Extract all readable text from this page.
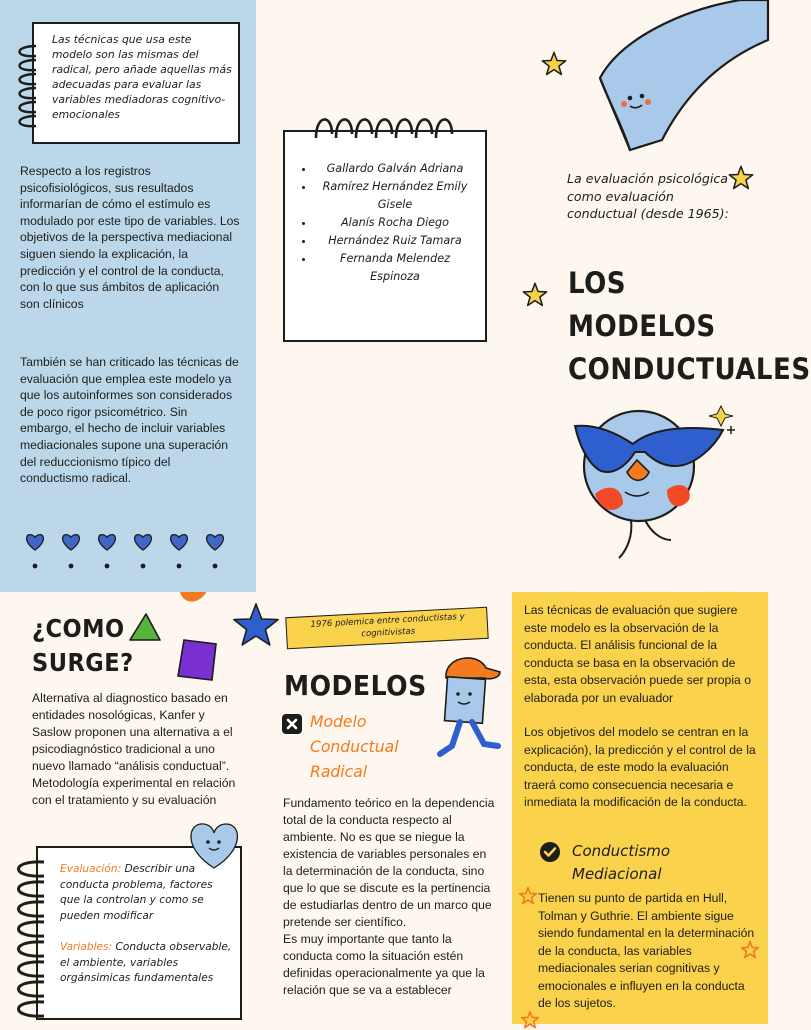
Las técnicas que usa este modelo son las mismas del radical, pero añade aquellas más adecuadas para evaluar las variables mediadoras cognitivo-emocionales

Respecto a los registros psicofisiológicos, sus resultados informarían de cómo el estímulo es modulado por este tipo de variables. Los objetivos de la perspectiva mediacional siguen siendo la explicación, la predicción y el control de la conducta, con lo que sus ámbitos de aplicación son clínicos

También se han criticado las técnicas de evaluación que emplea este modelo ya que los autoinformes son considerados de poco rigor psicométrico. Sin embargo, el hecho de incluir variables mediacionales supone una superación del reduccionismo típico del conductismo radical.

• Gallardo Galván Adriana
• Ramírez Hernández Emily Gisele
• Alanís Rocha Diego
• Hernández Ruiz Tamara
• Fernanda Melendez Espinoza

La evaluación psicológica como evaluación conductual (desde 1965):

LOS
MODELOS
CONDUCTUALES
¿COMO
SURGE?

Alternativa al diagnostico basado en entidades nosológicas, Kanfer y Saslow proponen una alternativa a el psicodiagnóstico tradicional a uno nuevo llamado “análisis conductual”. Metodología experimental en relación con el tratamiento y su evaluación

Evaluación: Describir una conducta problema, factores que la controlan y como se pueden modificar

Variables: Conducta observable, el ambiente, variables orgánsimicas fundamentales

1976 polemica entre conductistas y cognitivistas

MODELOS
Modelo
Conductual
Radical

Fundamento teórico en la dependencia total de la conducta respecto al ambiente. No es que se niegue la existencia de variables personales en la determinación de la conducta, sino que lo que se discute es la pertinencia de estudiarlas dentro de un marco que pretende ser científico.
Es muy importante que tanto la conducta como la situación estén definidas operacionalmente ya que la relación que se va a establecer

Las técnicas de evaluación que sugiere este modelo es la observación de la conducta. El análisis funcional de la conducta se basa en la observación de esta, esta observación puede ser propia o elaborada por un evaluador

Los objetivos del modelo se centran en la explicación), la predicción y el control de la conducta, de este modo la evaluación traerá como consecuencia necesaria e inmediata la modificación de la conducta.

Conductismo
Mediacional

Tienen su punto de partida en Hull, Tolman y Guthrie. El ambiente sigue siendo fundamental en la determinación de la conducta, las variables mediacionales serian cognitivas y emocionales e influyen en la conducta de los sujetos.
